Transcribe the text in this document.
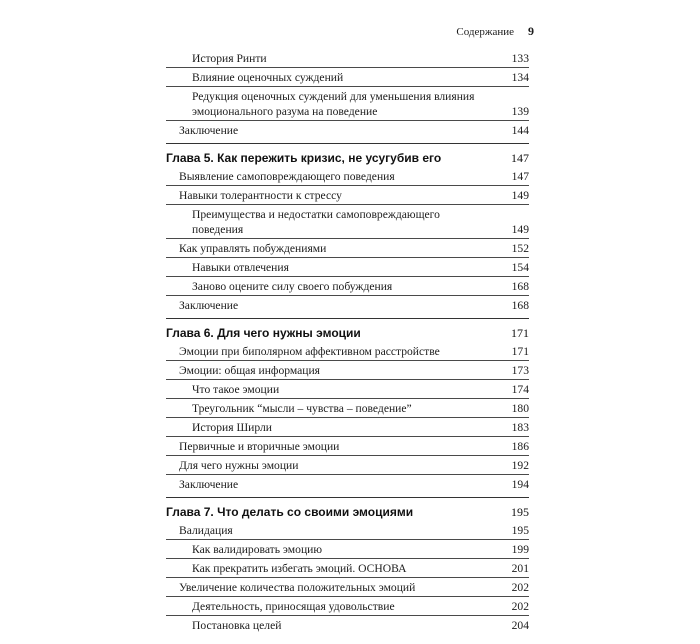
Содержание 9
История Ринти	133
Влияние оценочных суждений	134
Редукция оценочных суждений для уменьшения влияния эмоционального разума на поведение	139
Заключение	144
Глава 5. Как пережить кризис, не усугубив его	147
Выявление самоповреждающего поведения	147
Навыки толерантности к стрессу	149
Преимущества и недостатки самоповреждающего поведения	149
Как управлять побуждениями	152
Навыки отвлечения	154
Заново оцените силу своего побуждения	168
Заключение	168
Глава 6. Для чего нужны эмоции	171
Эмоции при биполярном аффективном расстройстве	171
Эмоции: общая информация	173
Что такое эмоции	174
Треугольник “мысли – чувства – поведение”	180
История Ширли	183
Первичные и вторичные эмоции	186
Для чего нужны эмоции	192
Заключение	194
Глава 7. Что делать со своими эмоциями	195
Валидация	195
Как валидировать эмоцию	199
Как прекратить избегать эмоций. ОСНОВА	201
Увеличение количества положительных эмоций	202
Деятельность, приносящая удовольствие	202
Постановка целей	204
